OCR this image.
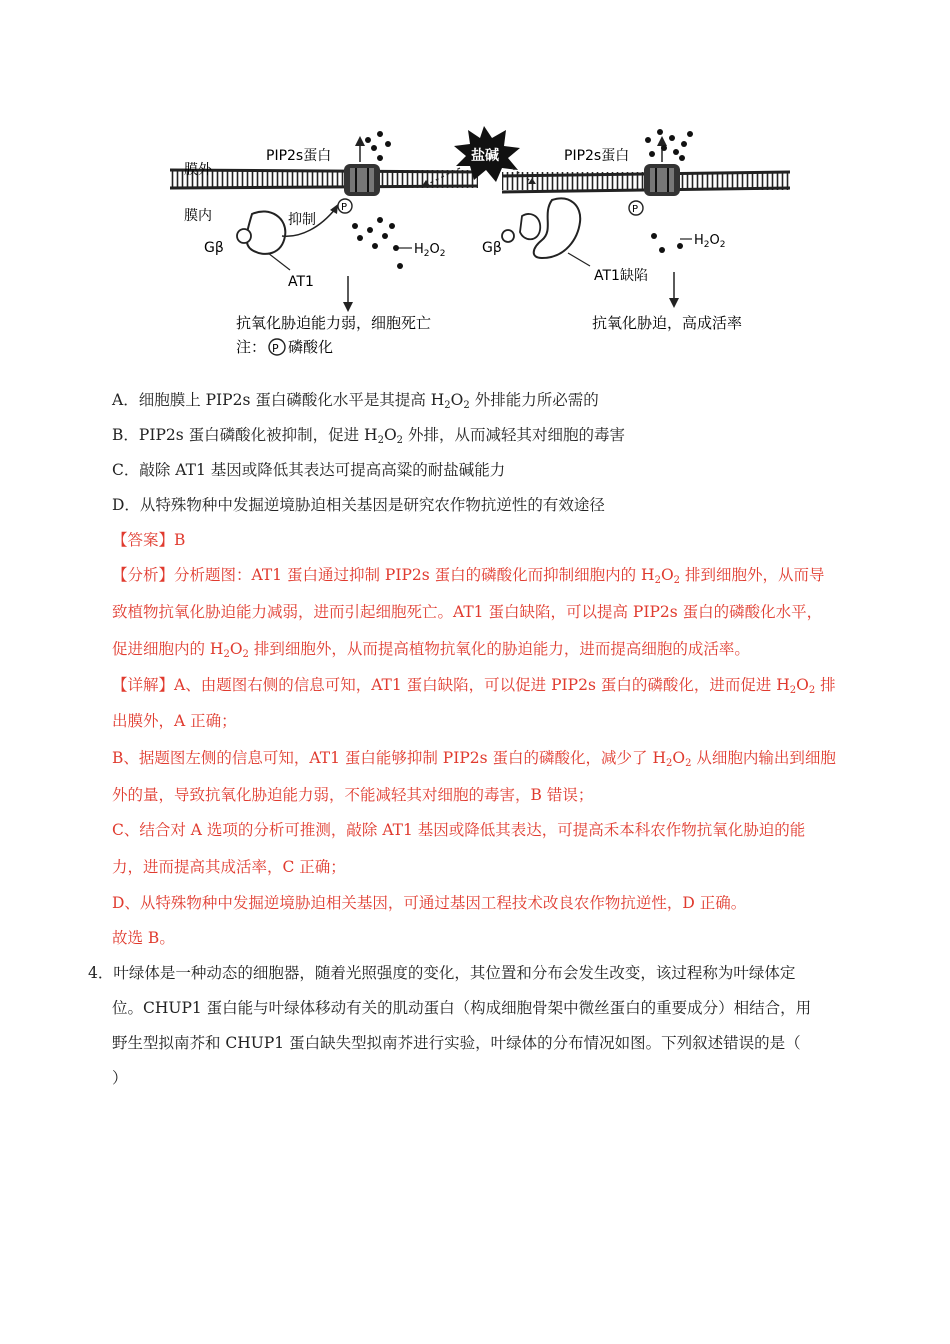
P
$H_2O_2$
盐碱
P
$H_2O_2$
膜外
膜内
PIP2s蛋白	PIP2s蛋白
抑制
Gβ	Gβ
AT1	AT1缺陷
抗氧化胁迫能力弱，细胞死亡	抗氧化胁迫，高成活率
注： P 磷酸化
A．细胞膜上 PIP2s 蛋白磷酸化水平是其提高 $H_2O_2$ 外排能力所必需的
B．PIP2s 蛋白磷酸化被抑制，促进 $H_2O_2$ 外排，从而减轻其对细胞的毒害
C．敲除 AT1 基因或降低其表达可提高高粱的耐盐碱能力
D．从特殊物种中发掘逆境胁迫相关基因是研究农作物抗逆性的有效途径
【答案】B
【分析】分析题图：AT1 蛋白通过抑制 PIP2s 蛋白的磷酸化而抑制细胞内的 $H_2O_2$ 排到细胞外，从而导
致植物抗氧化胁迫能力减弱，进而引起细胞死亡。AT1 蛋白缺陷，可以提高 PIP2s 蛋白的磷酸化水平，
促进细胞内的 $H_2O_2$ 排到细胞外，从而提高植物抗氧化的胁迫能力，进而提高细胞的成活率。
【详解】A、由题图右侧的信息可知，AT1 蛋白缺陷，可以促进 PIP2s 蛋白的磷酸化，进而促进 $H_2O_2$ 排
出膜外，A 正确；
B、据题图左侧的信息可知，AT1 蛋白能够抑制 PIP2s 蛋白的磷酸化，减少了 $H_2O_2$ 从细胞内输出到细胞
外的量，导致抗氧化胁迫能力弱，不能减轻其对细胞的毒害，B 错误；
C、结合对 A 选项的分析可推测，敲除 AT1 基因或降低其表达，可提高禾本科农作物抗氧化胁迫的能
力，进而提高其成活率，C 正确；
D、从特殊物种中发掘逆境胁迫相关基因，可通过基因工程技术改良农作物抗逆性，D 正确。
故选 B。
4．叶绿体是一种动态的细胞器，随着光照强度的变化，其位置和分布会发生改变，该过程称为叶绿体定
位。CHUP1 蛋白能与叶绿体移动有关的肌动蛋白（构成细胞骨架中微丝蛋白的重要成分）相结合，用
野生型拟南芥和 CHUP1 蛋白缺失型拟南芥进行实验，叶绿体的分布情况如图。下列叙述错误的是（
）
